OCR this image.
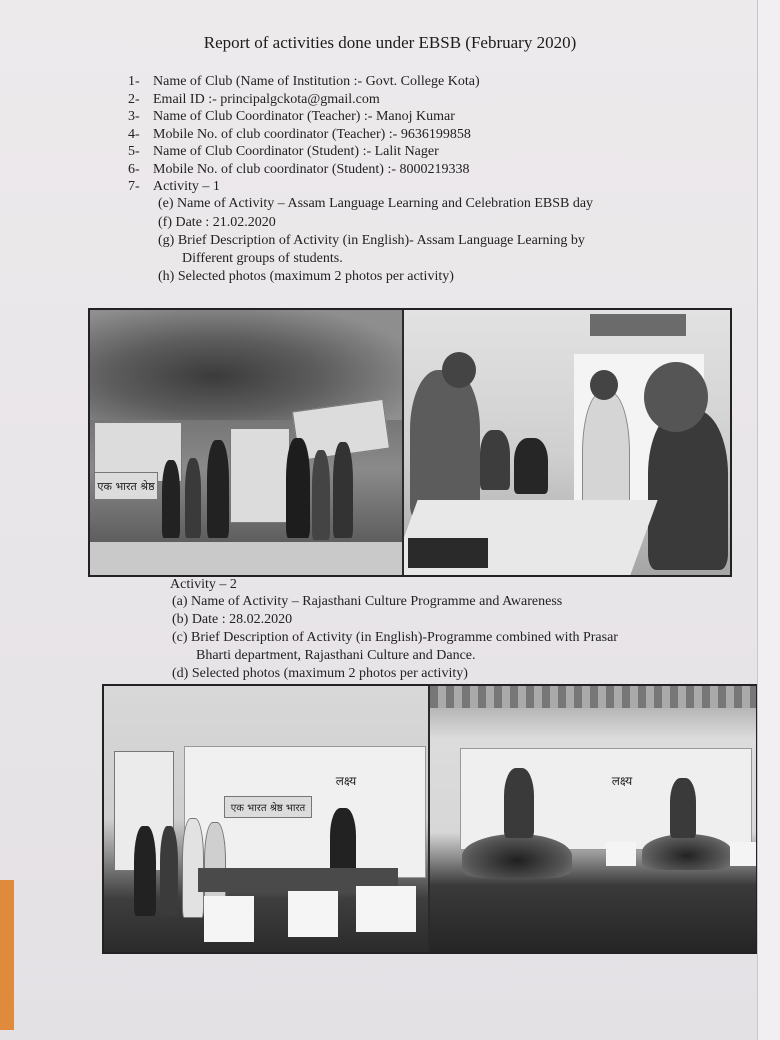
Report of activities done under EBSB (February 2020)
1- Name of Club (Name of Institution :- Govt. College Kota)
2- Email ID :- principalgckota@gmail.com
3- Name of Club Coordinator (Teacher) :- Manoj Kumar
4- Mobile No. of club coordinator (Teacher) :- 9636199858
5- Name of Club Coordinator (Student) :- Lalit Nager
6- Mobile No. of club coordinator (Student) :- 8000219338
7- Activity – 1
(e) Name of Activity – Assam Language Learning and Celebration EBSB day
(f) Date : 21.02.2020
(g) Brief Description of Activity (in English)- Assam Language Learning by
Different groups of students.
(h) Selected photos (maximum 2 photos per activity)
एक भारत श्रेष्ठ
Activity – 2
(a) Name of Activity – Rajasthani Culture Programme and Awareness
(b) Date : 28.02.2020
(c) Brief Description of Activity (in English)-Programme combined with Prasar
Bharti department, Rajasthani Culture and Dance.
(d) Selected photos (maximum 2 photos per activity)
एक भारत श्रेष्ठ भारत
लक्ष्य	लक्ष्य
